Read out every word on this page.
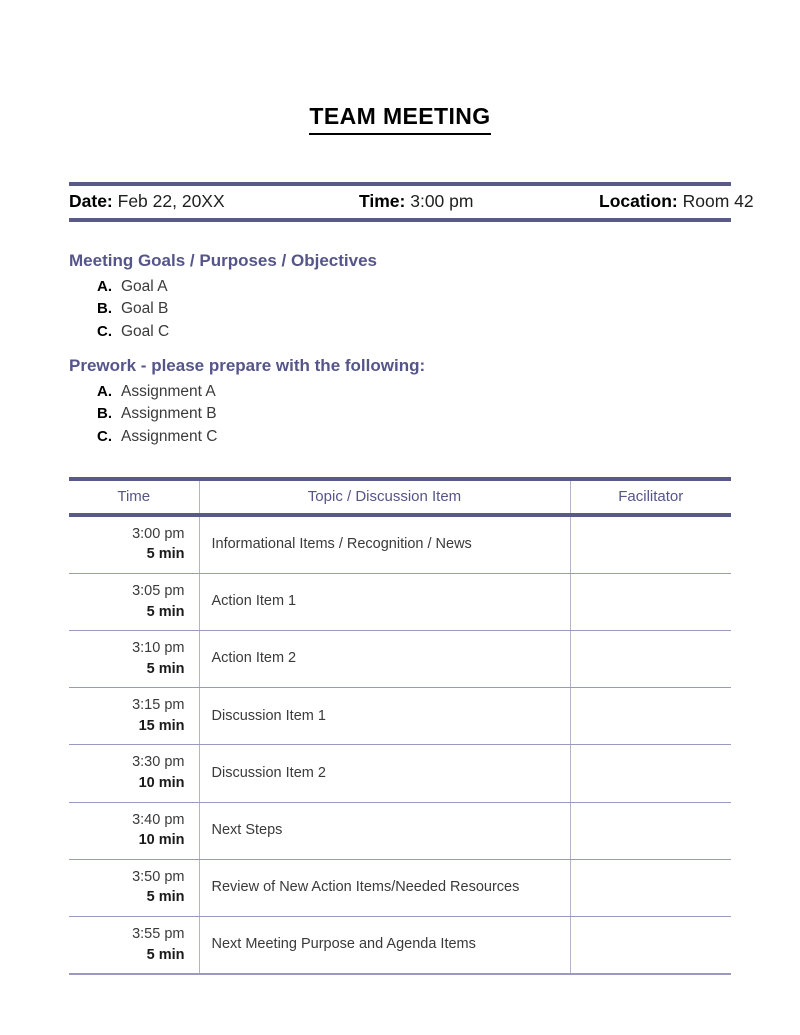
TEAM MEETING
Date: Feb 22, 20XX	Time: 3:00 pm	Location: Room 42
Meeting Goals / Purposes / Objectives
A. Goal A
B. Goal B
C. Goal C
Prework - please prepare with the following:
A. Assignment A
B. Assignment B
C. Assignment C
Time	Topic / Discussion Item	Facilitator

3:00 pm
5 min	Informational Items / Recognition / News	

3:05 pm
5 min	Action Item 1	

3:10 pm
5 min	Action Item 2	

3:15 pm
15 min	Discussion Item 1	

3:30 pm
10 min	Discussion Item 2	

3:40 pm
10 min	Next Steps	

3:50 pm
5 min	Review of New Action Items/Needed Resources	

3:55 pm
5 min	Next Meeting Purpose and Agenda Items	
